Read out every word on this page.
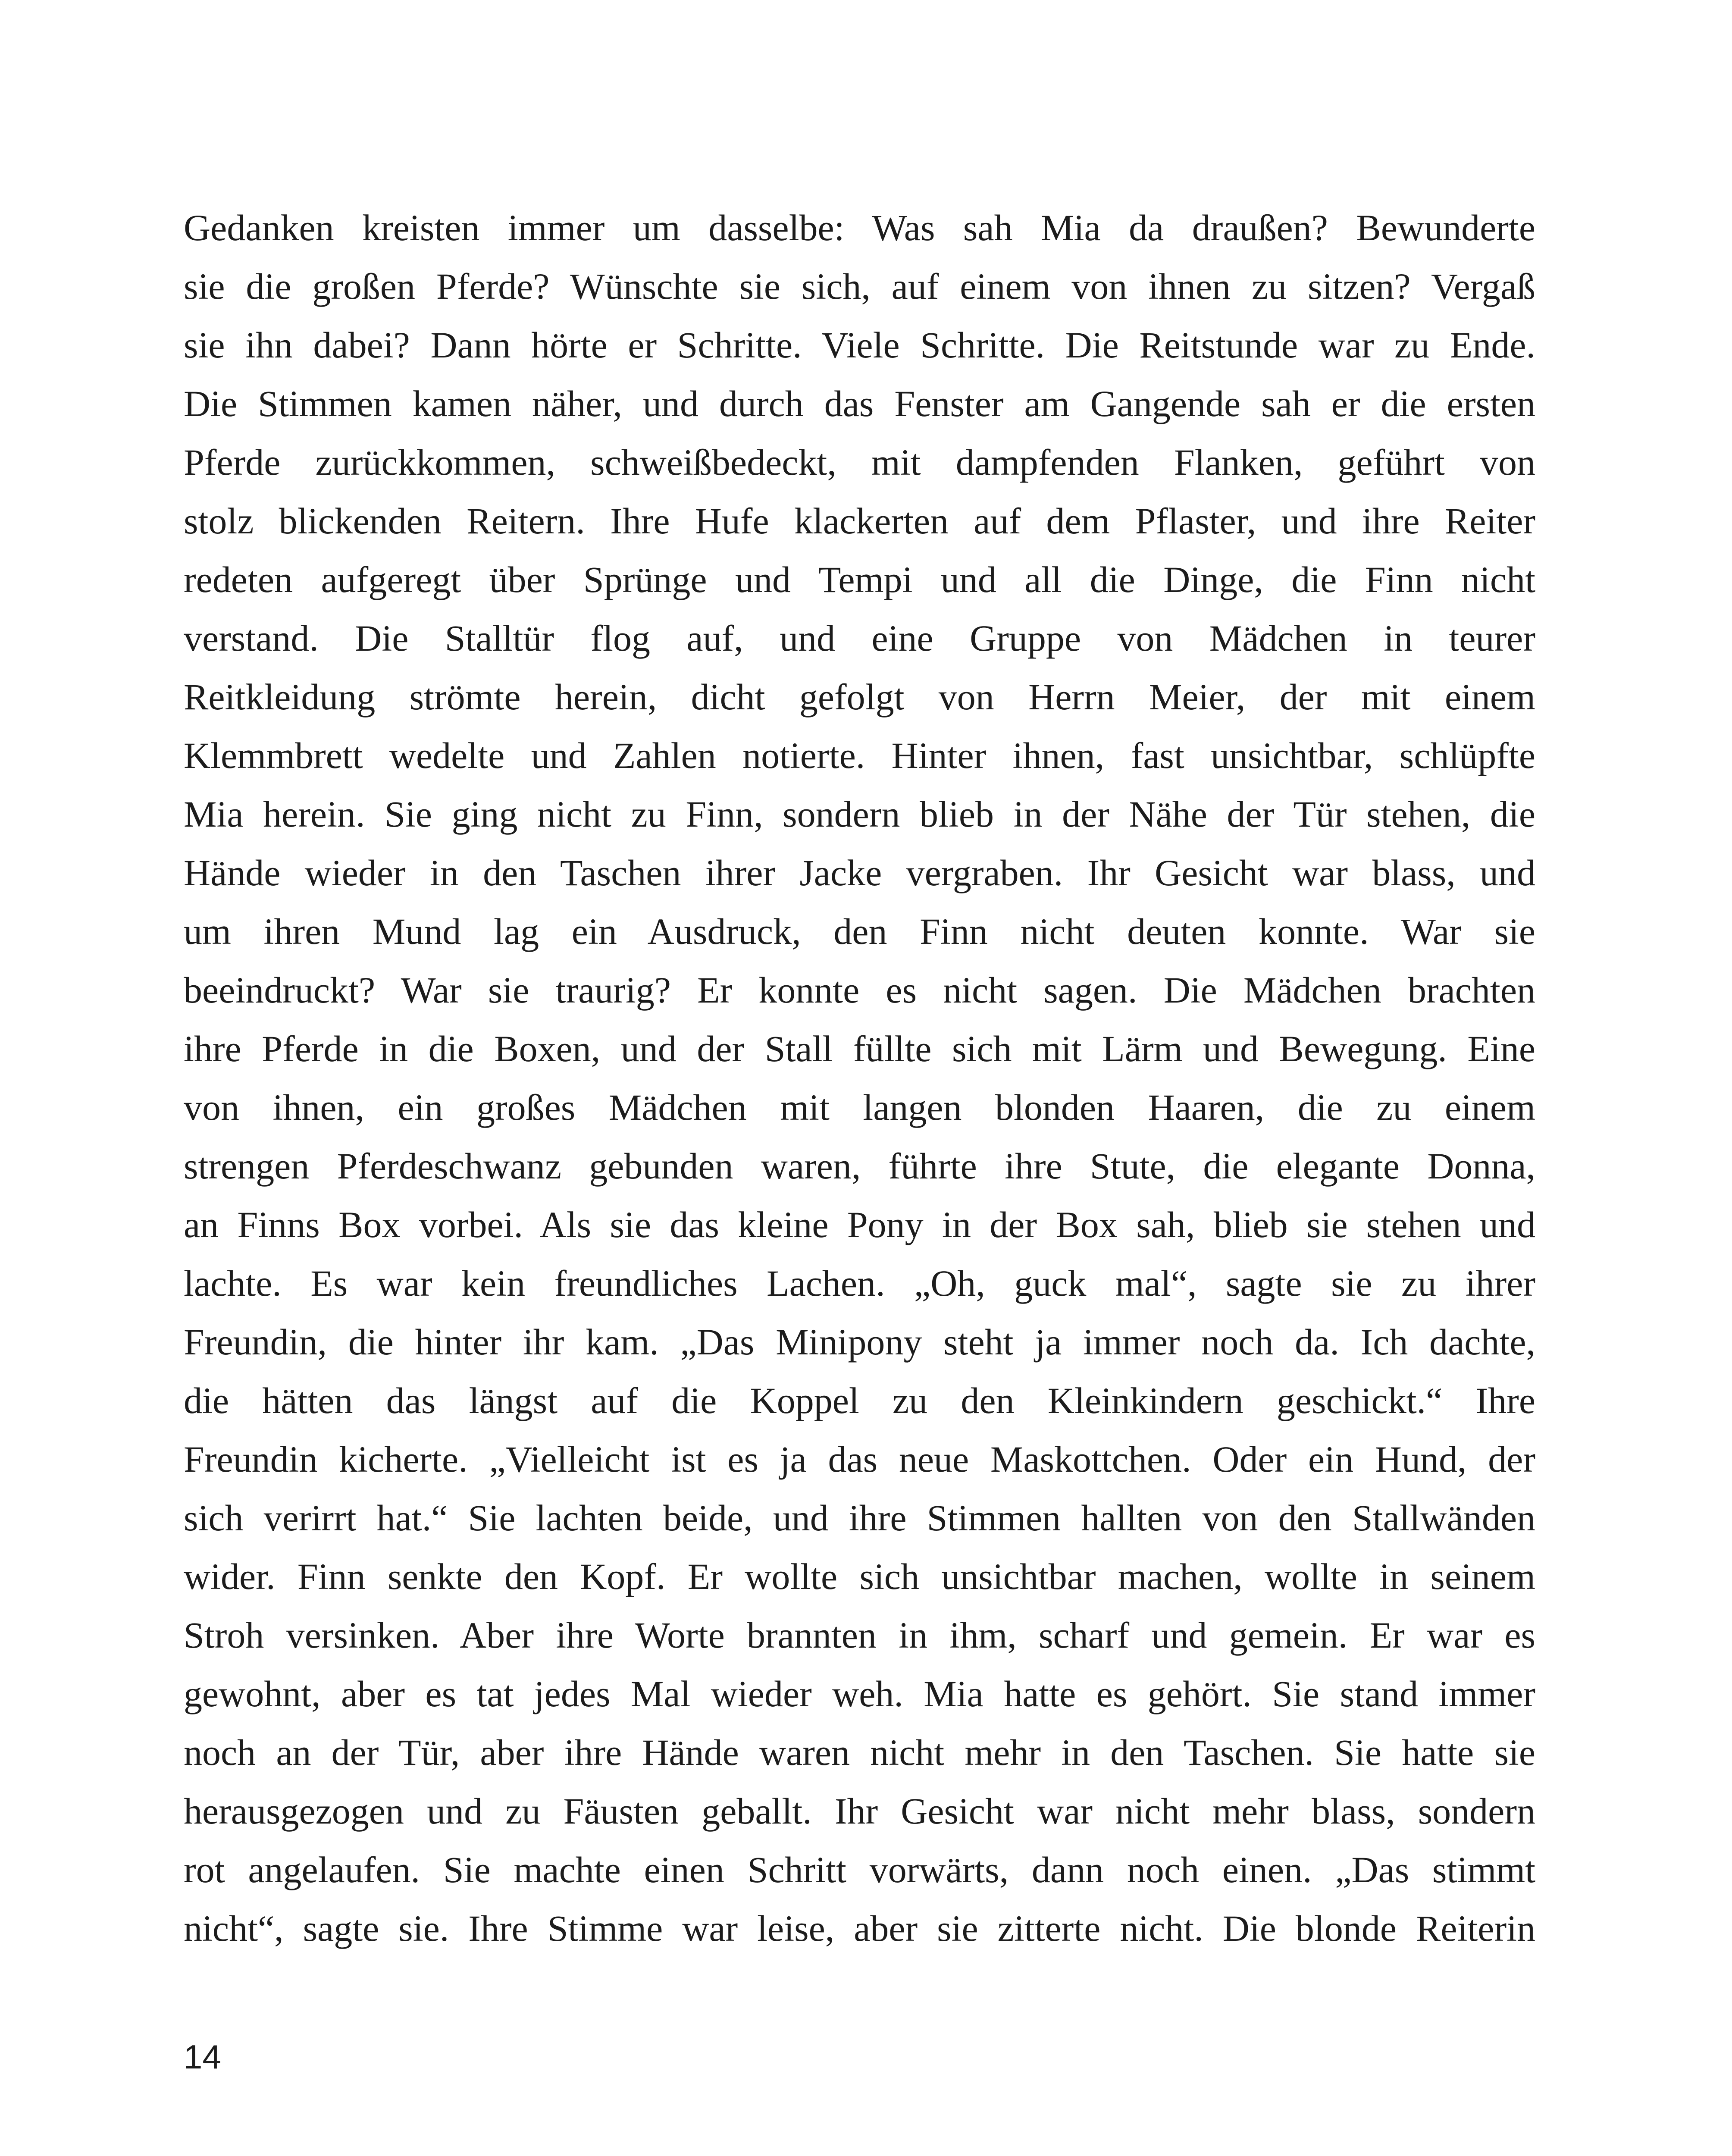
Gedanken kreisten immer um dasselbe: Was sah Mia da draußen? Bewunderte
sie die großen Pferde? Wünschte sie sich, auf einem von ihnen zu sitzen? Vergaß
sie ihn dabei? Dann hörte er Schritte. Viele Schritte. Die Reitstunde war zu Ende.
Die Stimmen kamen näher, und durch das Fenster am Gangende sah er die ersten
Pferde zurückkommen, schweißbedeckt, mit dampfenden Flanken, geführt von
stolz blickenden Reitern. Ihre Hufe klackerten auf dem Pflaster, und ihre Reiter
redeten aufgeregt über Sprünge und Tempi und all die Dinge, die Finn nicht
verstand. Die Stalltür flog auf, und eine Gruppe von Mädchen in teurer
Reitkleidung strömte herein, dicht gefolgt von Herrn Meier, der mit einem
Klemmbrett wedelte und Zahlen notierte. Hinter ihnen, fast unsichtbar, schlüpfte
Mia herein. Sie ging nicht zu Finn, sondern blieb in der Nähe der Tür stehen, die
Hände wieder in den Taschen ihrer Jacke vergraben. Ihr Gesicht war blass, und
um ihren Mund lag ein Ausdruck, den Finn nicht deuten konnte. War sie
beeindruckt? War sie traurig? Er konnte es nicht sagen. Die Mädchen brachten
ihre Pferde in die Boxen, und der Stall füllte sich mit Lärm und Bewegung. Eine
von ihnen, ein großes Mädchen mit langen blonden Haaren, die zu einem
strengen Pferdeschwanz gebunden waren, führte ihre Stute, die elegante Donna,
an Finns Box vorbei. Als sie das kleine Pony in der Box sah, blieb sie stehen und
lachte. Es war kein freundliches Lachen. „Oh, guck mal“, sagte sie zu ihrer
Freundin, die hinter ihr kam. „Das Minipony steht ja immer noch da. Ich dachte,
die hätten das längst auf die Koppel zu den Kleinkindern geschickt.“ Ihre
Freundin kicherte. „Vielleicht ist es ja das neue Maskottchen. Oder ein Hund, der
sich verirrt hat.“ Sie lachten beide, und ihre Stimmen hallten von den Stallwänden
wider. Finn senkte den Kopf. Er wollte sich unsichtbar machen, wollte in seinem
Stroh versinken. Aber ihre Worte brannten in ihm, scharf und gemein. Er war es
gewohnt, aber es tat jedes Mal wieder weh. Mia hatte es gehört. Sie stand immer
noch an der Tür, aber ihre Hände waren nicht mehr in den Taschen. Sie hatte sie
herausgezogen und zu Fäusten geballt. Ihr Gesicht war nicht mehr blass, sondern
rot angelaufen. Sie machte einen Schritt vorwärts, dann noch einen. „Das stimmt
nicht“, sagte sie. Ihre Stimme war leise, aber sie zitterte nicht. Die blonde Reiterin
14
